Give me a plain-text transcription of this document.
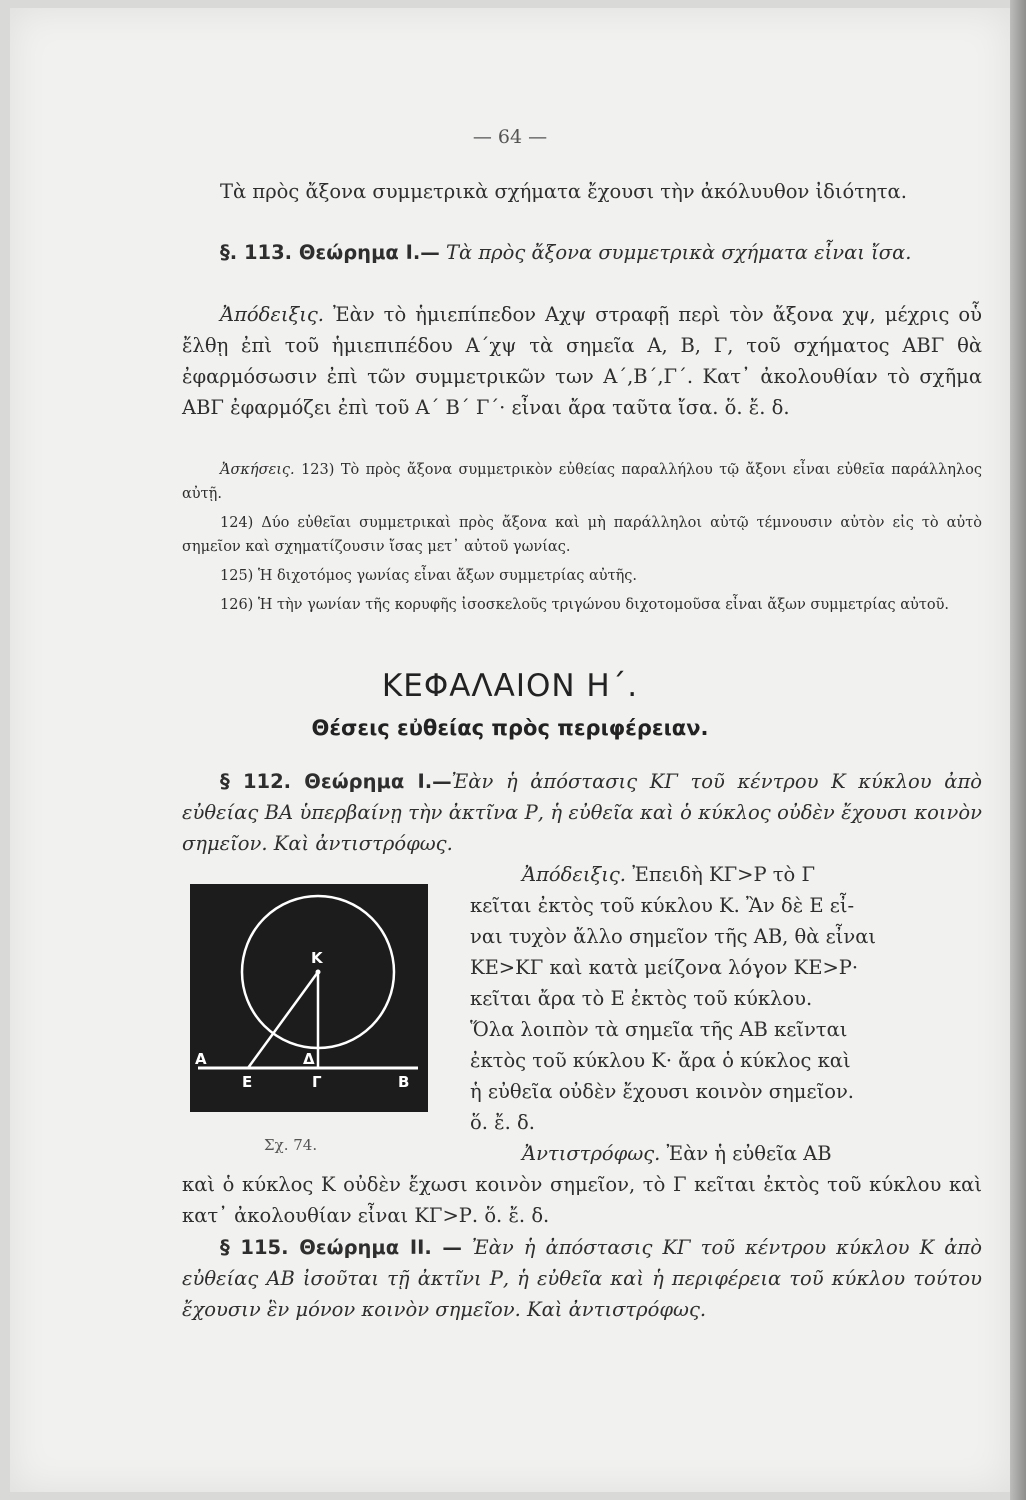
— 64 —

Τὰ πρὸς ἄξονα συμμετρικὰ σχήματα ἔχουσι τὴν ἀκόλυυθον ἰδιότητα.

§. 113. Θεώρημα Ι.— Τὰ πρὸς ἄξονα συμμετρικὰ σχήματα εἶναι ἴσα.

Ἀπόδειξις. Ἐὰν τὸ ἡμιεπίπεδον Αχψ στραφῇ περὶ τὸν ἄξονα χψ, μέχρις οὗ ἔλθῃ ἐπὶ τοῦ ἡμιεπιπέδου Α΄χψ τὰ σημεῖα Α, Β, Γ, τοῦ σχήματος ΑΒΓ θὰ ἐφαρμόσωσιν ἐπὶ τῶν συμμετρικῶν των Α΄,Β΄,Γ΄. Κατ᾽ ἀκολουθίαν τὸ σχῆμα ΑΒΓ ἐφαρμόζει ἐπὶ τοῦ Α΄ Β΄ Γ΄· εἶναι ἄρα ταῦτα ἴσα. ὅ. ἔ. δ.

Ἀσκήσεις. 123) Τὸ πρὸς ἄξονα συμμετρικὸν εὐθείας παραλλήλου τῷ ἄξονι εἶναι εὐθεῖα παράλληλος αὐτῇ.

124) Δύο εὐθεῖαι συμμετρικαὶ πρὸς ἄξονα καὶ μὴ παράλληλοι αὐτῷ τέμνουσιν αὐτὸν εἰς τὸ αὐτὸ σημεῖον καὶ σχηματίζουσιν ἴσας μετ᾽ αὐτοῦ γωνίας.

125) Ἡ διχοτόμος γωνίας εἶναι ἄξων συμμετρίας αὐτῆς.

126) Ἡ τὴν γωνίαν τῆς κορυφῆς ἰσοσκελοῦς τριγώνου διχοτομοῦσα εἶναι ἄξων συμμετρίας αὐτοῦ.

ΚΕΦΑΛΑΙΟΝ Η΄.
Θέσεις εὐθείας πρὸς περιφέρειαν.

§ 112. Θεώρημα Ι.—Ἐὰν ἡ ἀπόστασις ΚΓ τοῦ κέντρου Κ κύκλου ἀπὸ εὐθείας ΒΑ ὑπερβαίνῃ τὴν ἀκτῖνα Ρ, ἡ εὐθεῖα καὶ ὁ κύκλος οὐδὲν ἔχουσι κοινὸν σημεῖον. Καὶ ἀντιστρόφως.

Κ
Δ
Α
Ε	Γ	Β
Σχ. 74.

Ἀπόδειξις. Ἐπειδὴ ΚΓ>Ρ τὸ Γ

κεῖται ἐκτὸς τοῦ κύκλου Κ. Ἂν δὲ Ε εἶ-
ναι τυχὸν ἄλλο σημεῖον τῆς ΑΒ, θὰ εἶναι
ΚΕ>ΚΓ καὶ κατὰ μείζονα λόγον ΚΕ>Ρ·
κεῖται ἄρα τὸ Ε ἐκτὸς τοῦ κύκλου.
Ὅλα λοιπὸν τὰ σημεῖα τῆς ΑΒ κεῖνται
ἐκτὸς τοῦ κύκλου Κ· ἄρα ὁ κύκλος καὶ
ἡ εὐθεῖα οὐδὲν ἔχουσι κοινὸν σημεῖον.
ὅ. ἔ. δ.

Ἀντιστρόφως. Ἐὰν ἡ εὐθεῖα ΑΒ

καὶ ὁ κύκλος Κ οὐδὲν ἔχωσι κοινὸν σημεῖον, τὸ Γ κεῖται ἐκτὸς τοῦ κύκλου καὶ κατ᾽ ἀκολουθίαν εἶναι ΚΓ>Ρ. ὅ. ἔ. δ.

§ 115. Θεώρημα ΙΙ. — Ἐὰν ἡ ἀπόστασις ΚΓ τοῦ κέντρου κύκλου Κ ἀπὸ εὐθείας ΑΒ ἰσοῦται τῇ ἀκτῖνι Ρ, ἡ εὐθεῖα καὶ ἡ περιφέρεια τοῦ κύκλου τούτου ἔχουσιν ἓν μόνον κοινὸν σημεῖον. Καὶ ἀντιστρόφως.
